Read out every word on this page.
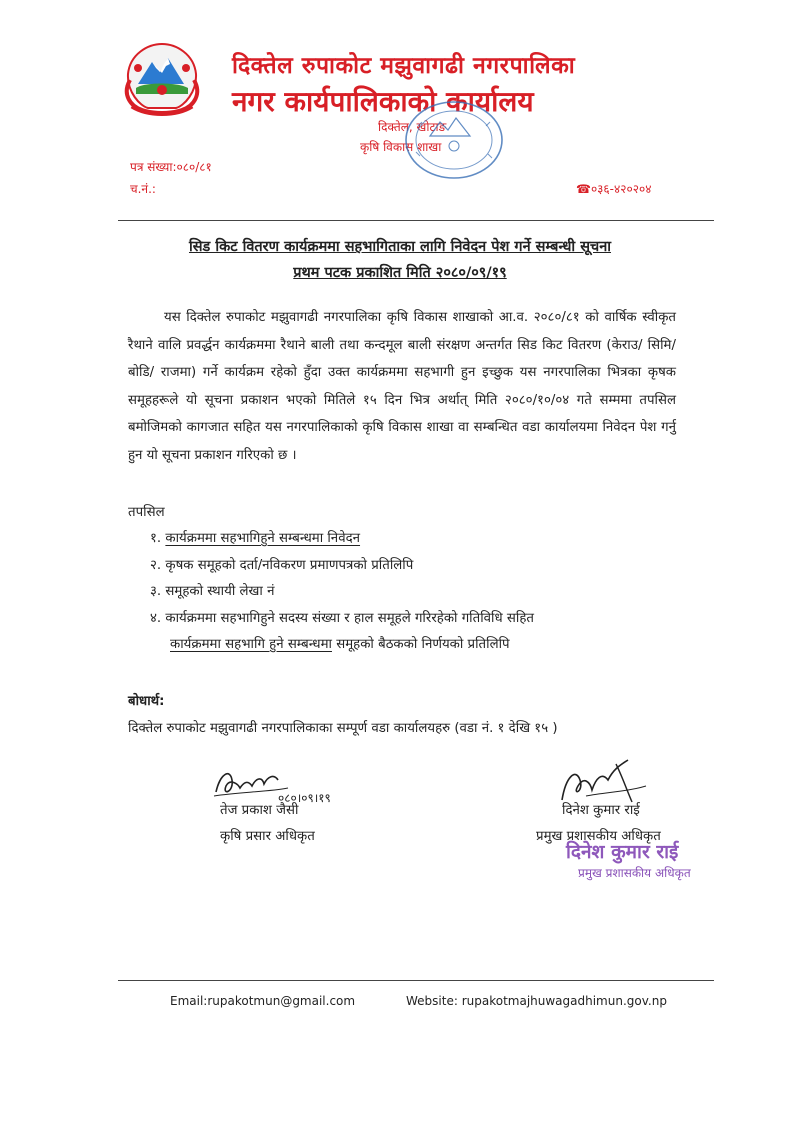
दिक्तेल रुपाकोट मझुवागढी नगरपालिका
नगर कार्यपालिकाको कार्यालय
दिक्तेल, खोटाङ
कृषि विकास शाखा
पत्र संख्या:०८०/८१
च.नं.:	☎०३६-४२०२०४
सिड किट वितरण कार्यक्रममा सहभागिताका लागि निवेदन पेश गर्ने सम्बन्धी सूचना
प्रथम पटक प्रकाशित मिति २०८०/०९/१९
यस दिक्तेल रुपाकोट मझुवागढी नगरपालिका कृषि विकास शाखाको आ.व. २०८०/८१ को वार्षिक स्वीकृत रैथाने वालि प्रवर्द्धन कार्यक्रममा रैथाने बाली तथा कन्दमूल बाली संरक्षण अन्तर्गत सिड किट वितरण (केराउ/ सिमि/ बोडि/ राजमा) गर्ने कार्यक्रम रहेको हुँदा उक्त कार्यक्रममा सहभागी हुन इच्छुक यस नगरपालिका भित्रका कृषक समूहहरूले यो सूचना प्रकाशन भएको मितिले १५ दिन भित्र अर्थात् मिति २०८०/१०/०४ गते सम्ममा तपसिल बमोजिमको कागजात सहित यस नगरपालिकाको कृषि विकास शाखा वा सम्बन्धित वडा कार्यालयमा निवेदन पेश गर्नु हुन यो सूचना प्रकाशन गरिएको छ ।
तपसिल
१. कार्यक्रममा सहभागिहुने सम्बन्धमा निवेदन
२. कृषक समूहको दर्ता/नविकरण प्रमाणपत्रको प्रतिलिपि
३. समूहको स्थायी लेखा नं
४. कार्यक्रममा सहभागिहुने सदस्य संख्या र हाल समूहले गरिरहेको गतिविधि सहित
कार्यक्रममा सहभागि हुने सम्बन्धमा समूहको बैठकको निर्णयको प्रतिलिपि
बोधार्थ:
दिक्तेल रुपाकोट मझुवागढी नगरपालिकाका सम्पूर्ण वडा कार्यालयहरु (वडा नं. १ देखि १५ )
०८०।०९।१९
तेज प्रकाश जैसी
कृषि प्रसार अधिकृत
दिनेश कुमार राई
प्रमुख प्रशासकीय अधिकृत
दिनेश कुमार राई
प्रमुख प्रशासकीय अधिकृत
Email:rupakotmun@gmail.com	Website: rupakotmajhuwagadhimun.gov.np
